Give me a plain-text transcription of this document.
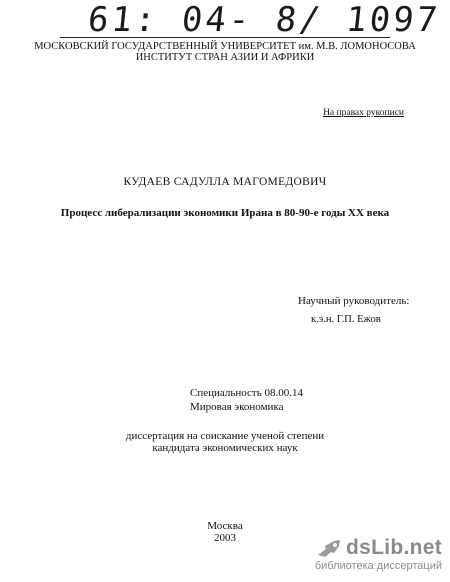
61: 04- 8/ 1097
МОСКОВСКИЙ ГОСУДАРСТВЕННЫЙ УНИВЕРСИТЕТ им. М.В. ЛОМОНОСОВА
ИНСТИТУТ СТРАН АЗИИ И АФРИКИ
На правах рукописи
КУДАЕВ САДУЛЛА МАГОМЕДОВИЧ
Процесс либерализации экономики Ирана в 80-90-е годы XX века
Научный руководитель:
к.э.н. Г.П. Ежов
Специальность 08.00.14
Мировая экономика
диссертация на соискание ученой степени
кандидата экономических наук
Москва
2003	dsLib.net
библиотека диссертаций
